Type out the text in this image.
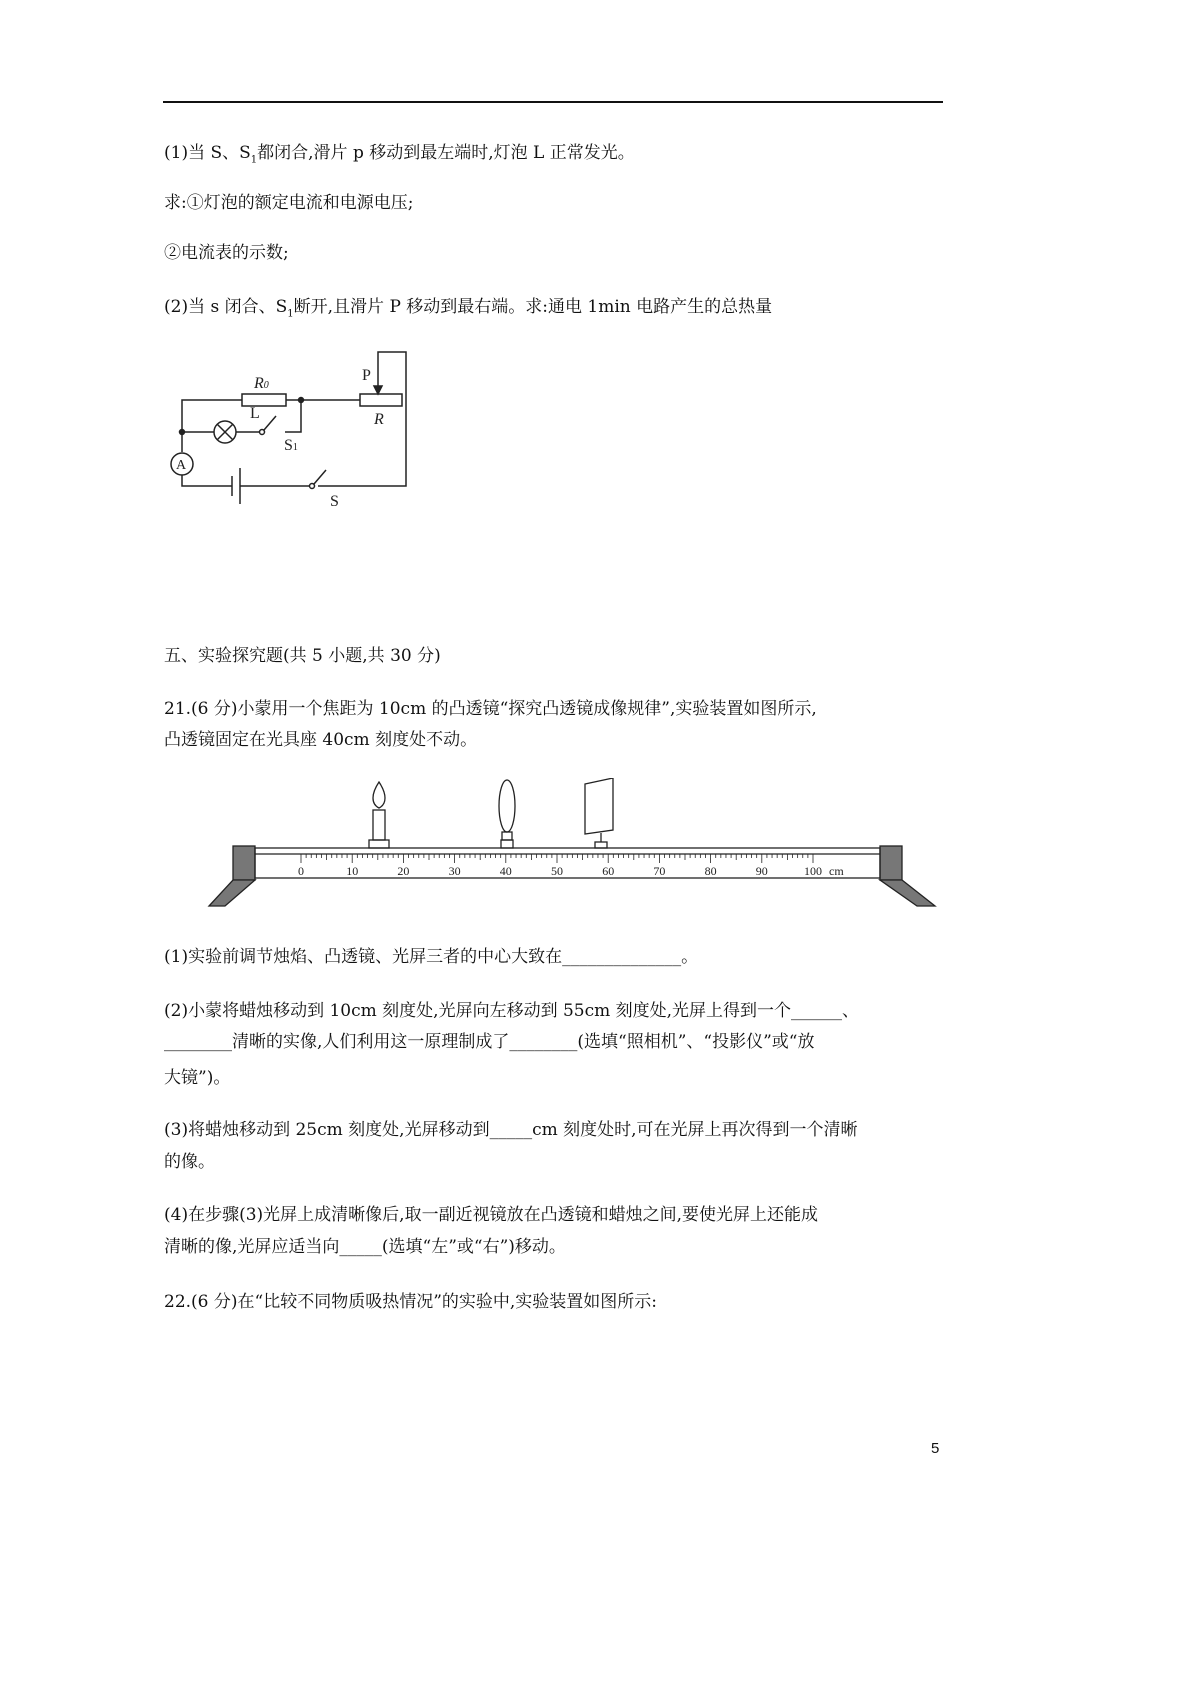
(1)当 S、$S_1$都闭合,滑片 p 移动到最左端时,灯泡 L 正常发光。
求:①灯泡的额定电流和电源电压;
②电流表的示数;
(2)当 s 闭合、$S_1$断开,且滑片 P 移动到最右端。求:通电 1min 电路产生的总热量
R0
P
R
L
S1
A
S
五、实验探究题(共 5 小题,共 30 分)
21.(6 分)小蒙用一个焦距为 10cm 的凸透镜“探究凸透镜成像规律”,实验装置如图所示,
凸透镜固定在光具座 40cm 刻度处不动。
0	10	20	30	40	50	60	70	80	90	100 cm
(1)实验前调节烛焰、凸透镜、光屏三者的中心大致在______________。
(2)小蒙将蜡烛移动到 10cm 刻度处,光屏向左移动到 55cm 刻度处,光屏上得到一个______、
________清晰的实像,人们利用这一原理制成了________(选填“照相机”、“投影仪”或“放
大镜”)。
(3)将蜡烛移动到 25cm 刻度处,光屏移动到_____cm 刻度处时,可在光屏上再次得到一个清晰
的像。
(4)在步骤(3)光屏上成清晰像后,取一副近视镜放在凸透镜和蜡烛之间,要使光屏上还能成
清晰的像,光屏应适当向_____(选填“左”或“右”)移动。
22.(6 分)在“比较不同物质吸热情况”的实验中,实验装置如图所示:
5
